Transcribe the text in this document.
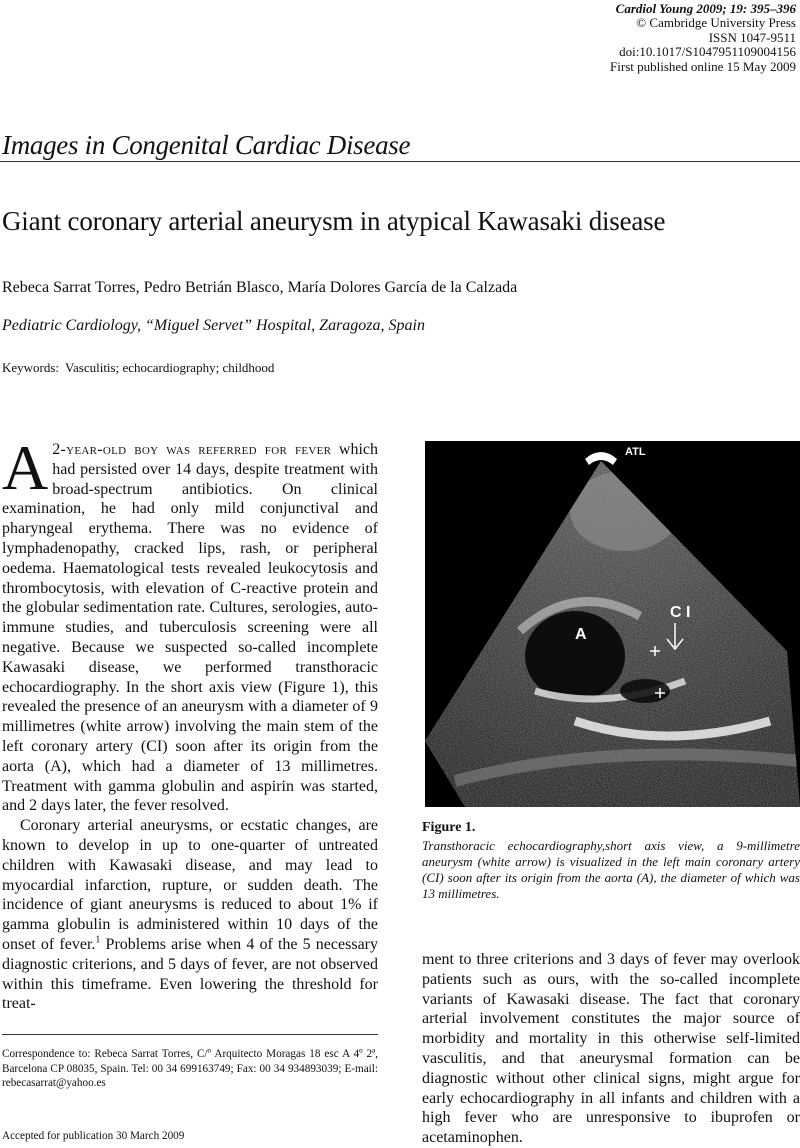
Cardiol Young 2009; 19: 395–396
© Cambridge University Press
ISSN 1047-9511
doi:10.1017/S1047951109004156
First published online 15 May 2009
Images in Congenital Cardiac Disease
Giant coronary arterial aneurysm in atypical Kawasaki disease
Rebeca Sarrat Torres, Pedro Betrián Blasco, María Dolores García de la Calzada
Pediatric Cardiology, “Miguel Servet” Hospital, Zaragoza, Spain
Keywords: Vasculitis; echocardiography; childhood

A 2-year-old boy was referred for fever which had persisted over 14 days, despite treatment with broad-spectrum antibiotics. On clinical examination, he had only mild conjunctival and pharyngeal erythema. There was no evidence of lymphadenopathy, cracked lips, rash, or peripheral oedema. Haematological tests revealed leukocytosis and thrombocytosis, with elevation of C-reactive protein and the globular sedimentation rate. Cultures, serologies, auto-immune studies, and tuberculosis screening were all negative. Because we suspected so-called incomplete Kawasaki disease, we performed transthoracic echocardiography. In the short axis view (Figure 1), this revealed the presence of an aneurysm with a diameter of 9 millimetres (white arrow) involving the main stem of the left coronary artery (CI) soon after its origin from the aorta (A), which had a diameter of 13 millimetres. Treatment with gamma globulin and aspirin was started, and 2 days later, the fever resolved.

Coronary arterial aneurysms, or ecstatic changes, are known to develop in up to one-quarter of untreated children with Kawasaki disease, and may lead to myocardial infarction, rupture, or sudden death. The incidence of giant aneurysms is reduced to about 1% if gamma globulin is administered within 10 days of the onset of fever.$^1$ Problems arise when 4 of the 5 necessary diagnostic criterions, and 5 days of fever, are not observed within this timeframe. Even lowering the threshold for treat-

ATL
A
C I
Figure 1.
Transthoracic echocardiography,short axis view, a 9-millimetre aneurysm (white arrow) is visualized in the left main coronary artery (CI) soon after its origin from the aorta (A), the diameter of which was 13 millimetres.

ment to three criterions and 3 days of fever may overlook patients such as ours, with the so-called incomplete variants of Kawasaki disease. The fact that coronary arterial involvement constitutes the major source of morbidity and mortality in this otherwise self-limited vasculitis, and that aneurysmal formation can be diagnostic without other clinical signs, might argue for early echocardiography in all infants and children with a high fever who are unresponsive to ibuprofen or acetaminophen.

Correspondence to: Rebeca Sarrat Torres, C/º Arquitecto Moragas 18 esc A 4º 2ª, Barcelona CP 08035, Spain. Tel: 00 34 699163749; Fax: 00 34 934893039; E-mail: rebecasarrat@yahoo.es
Accepted for publication 30 March 2009
